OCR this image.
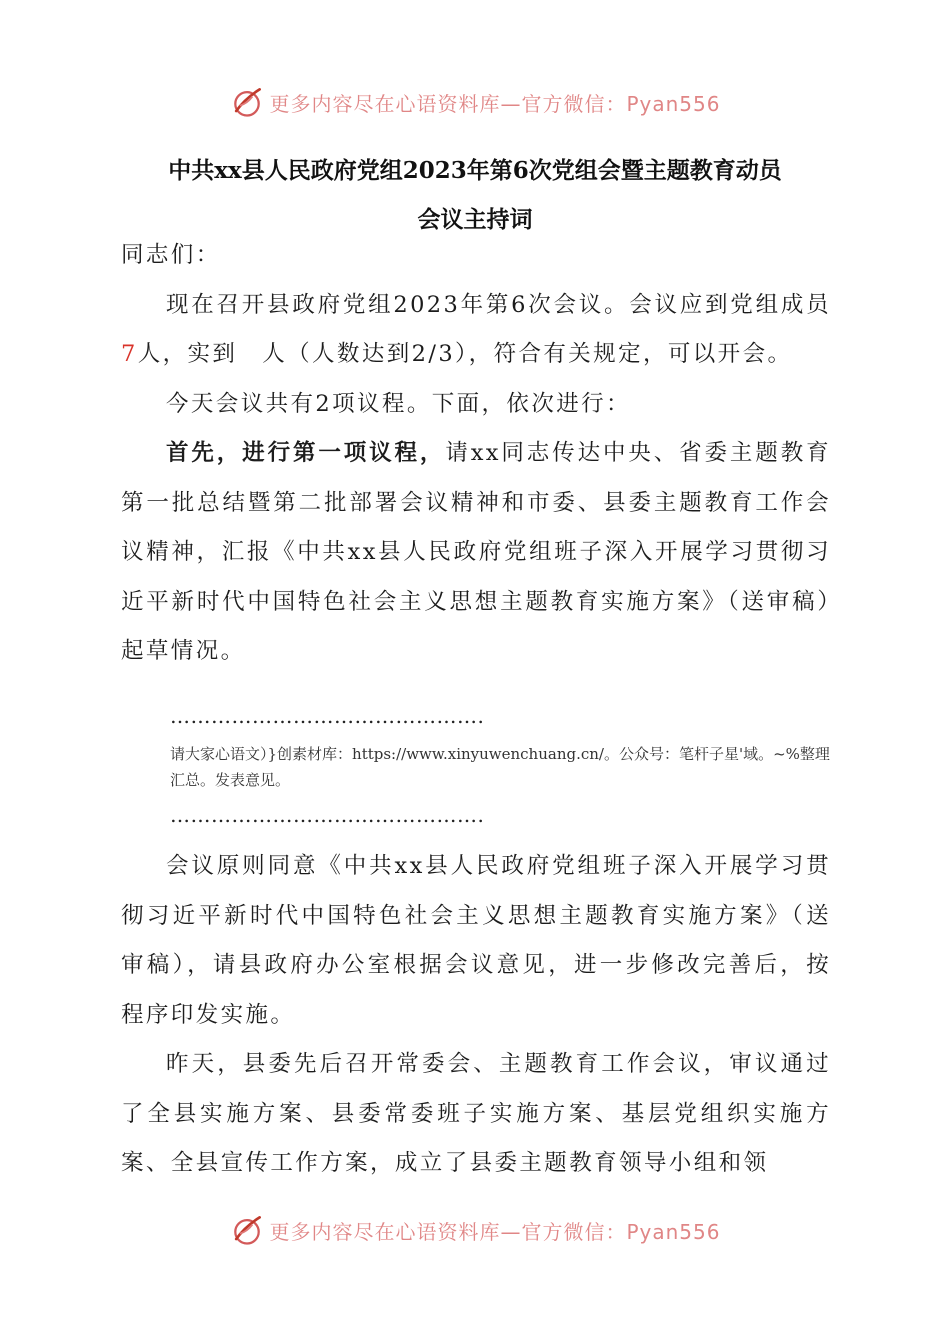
更多内容尽在心语资料库—官方微信：Pyan556
中共xx县人民政府党组2023年第6次党组会暨主题教育动员
会议主持词

同志们：

现在召开县政府党组2023年第6次会议。会议应到党组成员7人，实到　人（人数达到2/3），符合有关规定，可以开会。

今天会议共有2项议程。下面，依次进行：

首先，进行第一项议程，请xx同志传达中央、省委主题教育第一批总结暨第二批部署会议精神和市委、县委主题教育工作会议精神，汇报《中共xx县人民政府党组班子深入开展学习贯彻习近平新时代中国特色社会主义思想主题教育实施方案》（送审稿）起草情况。

……………………………………….
请大家心语文）}创素材库：https://www.xinyuwenchuang.cn/。公众号：笔杆子星'域。~%整理汇总。发表意见。
……………………………………….

会议原则同意《中共xx县人民政府党组班子深入开展学习贯彻习近平新时代中国特色社会主义思想主题教育实施方案》（送审稿），请县政府办公室根据会议意见，进一步修改完善后，按程序印发实施。

昨天，县委先后召开常委会、主题教育工作会议，审议通过了全县实施方案、县委常委班子实施方案、基层党组织实施方案、全县宣传工作方案，成立了县委主题教育领导小组和领

更多内容尽在心语资料库—官方微信：Pyan556
